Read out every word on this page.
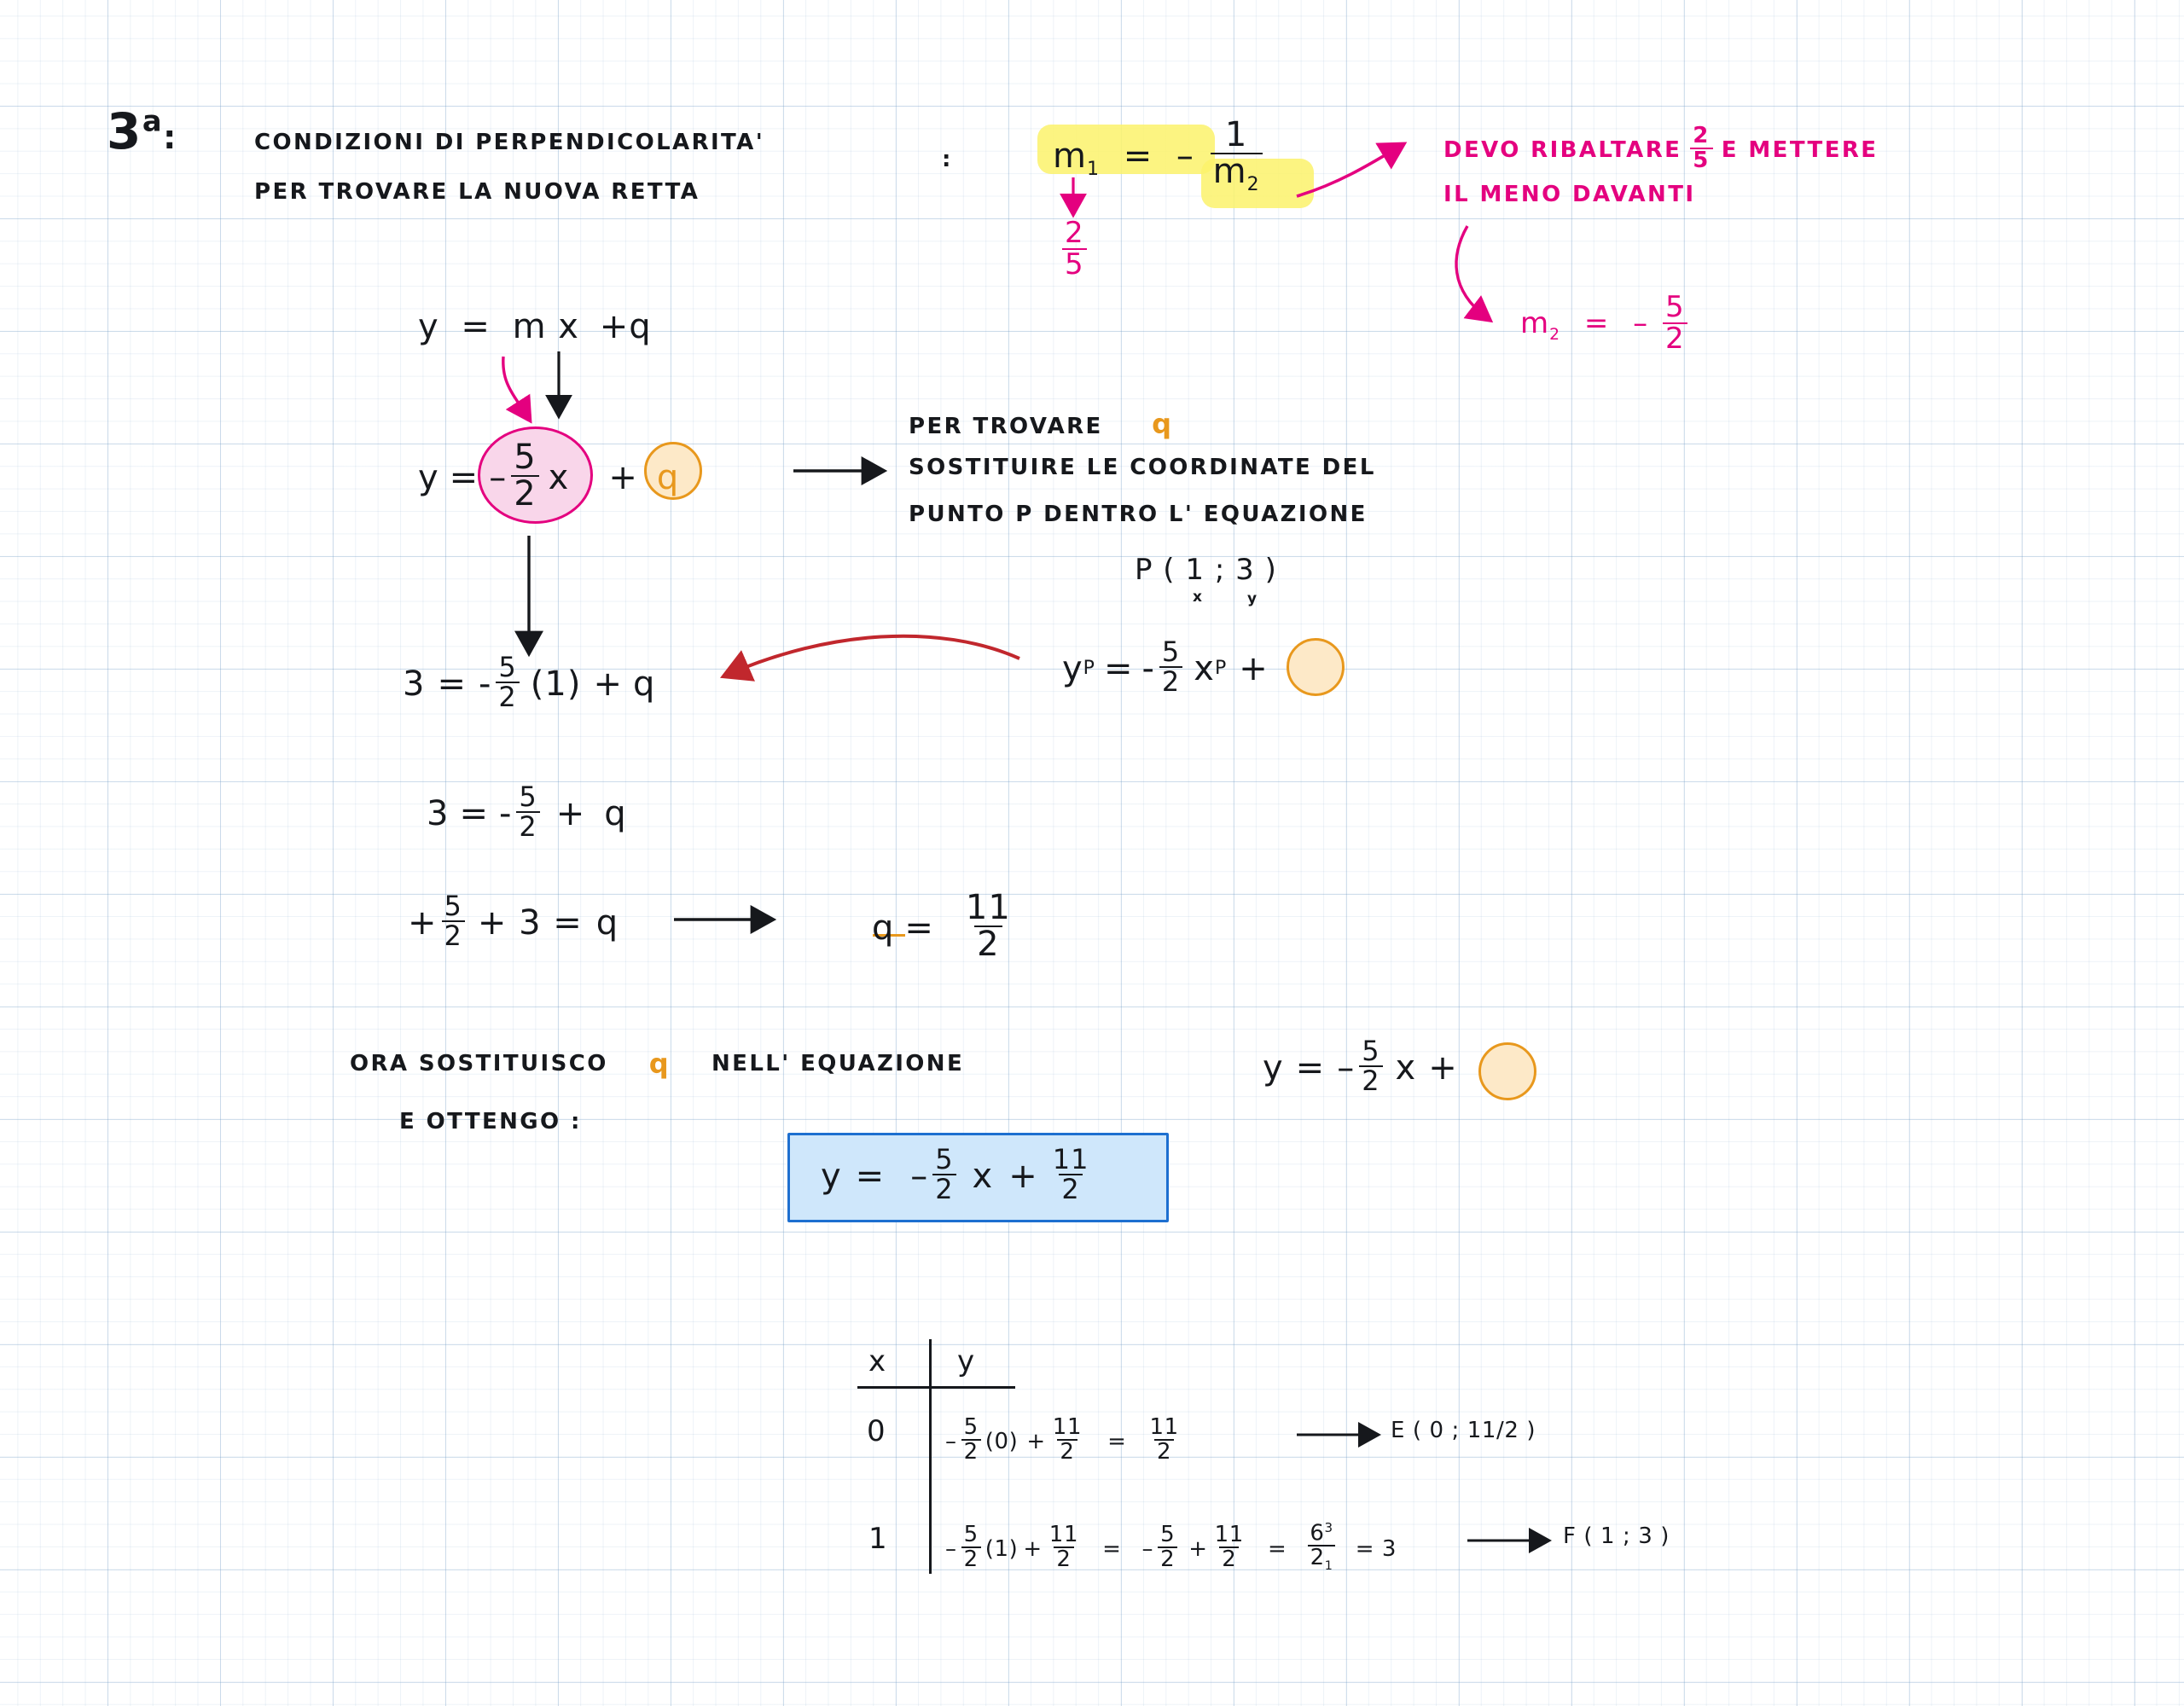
3$^a$:	CONDIZIONI DI PERPENDICOLARITA'
PER TROVARE LA NUOVA RETTA
:	$m_1$ = – $\frac{1}{m_2}$
$\frac{2}{5}$
DEVO RIBALTARE $\frac{2}{5}$ E METTERE
IL MENO DAVANTI
$m_2$ = – $\frac{5}{2}$
y = m x +q
y = – $\frac{5}{2}$ x + q
PER TROVARE q
SOSTITUIRE LE COORDINATE DEL
PUNTO P DENTRO L' EQUAZIONE
P ( 1 ; 3 )
x	y
y P = - $\frac{5}{2}$ x P +
3 = - $\frac{5}{2} (1) + q$
3 = - $\frac{5}{2} + q$
+ $\frac{5}{2} + 3 = q$	$q = \frac{11}{2}$
ORA SOSTITUISCO q NELL' EQUAZIONE
E OTTENGO :
y = – $\frac{5}{2}$ x +
y = – $\frac{5}{2}$ $x + \frac{11}{2}$
x y
0	– $\frac{5}{2} (0) + \frac{11}{2} = \frac{11}{2}$	E ( 0 ; 11/2 )
1	– $\frac{5}{2} (1) + \frac{11}{2}$ = – $\frac{5}{2} + \frac{11}{2} = \frac{6^3}{2_1} = 3$	F ( 1 ; 3 )
